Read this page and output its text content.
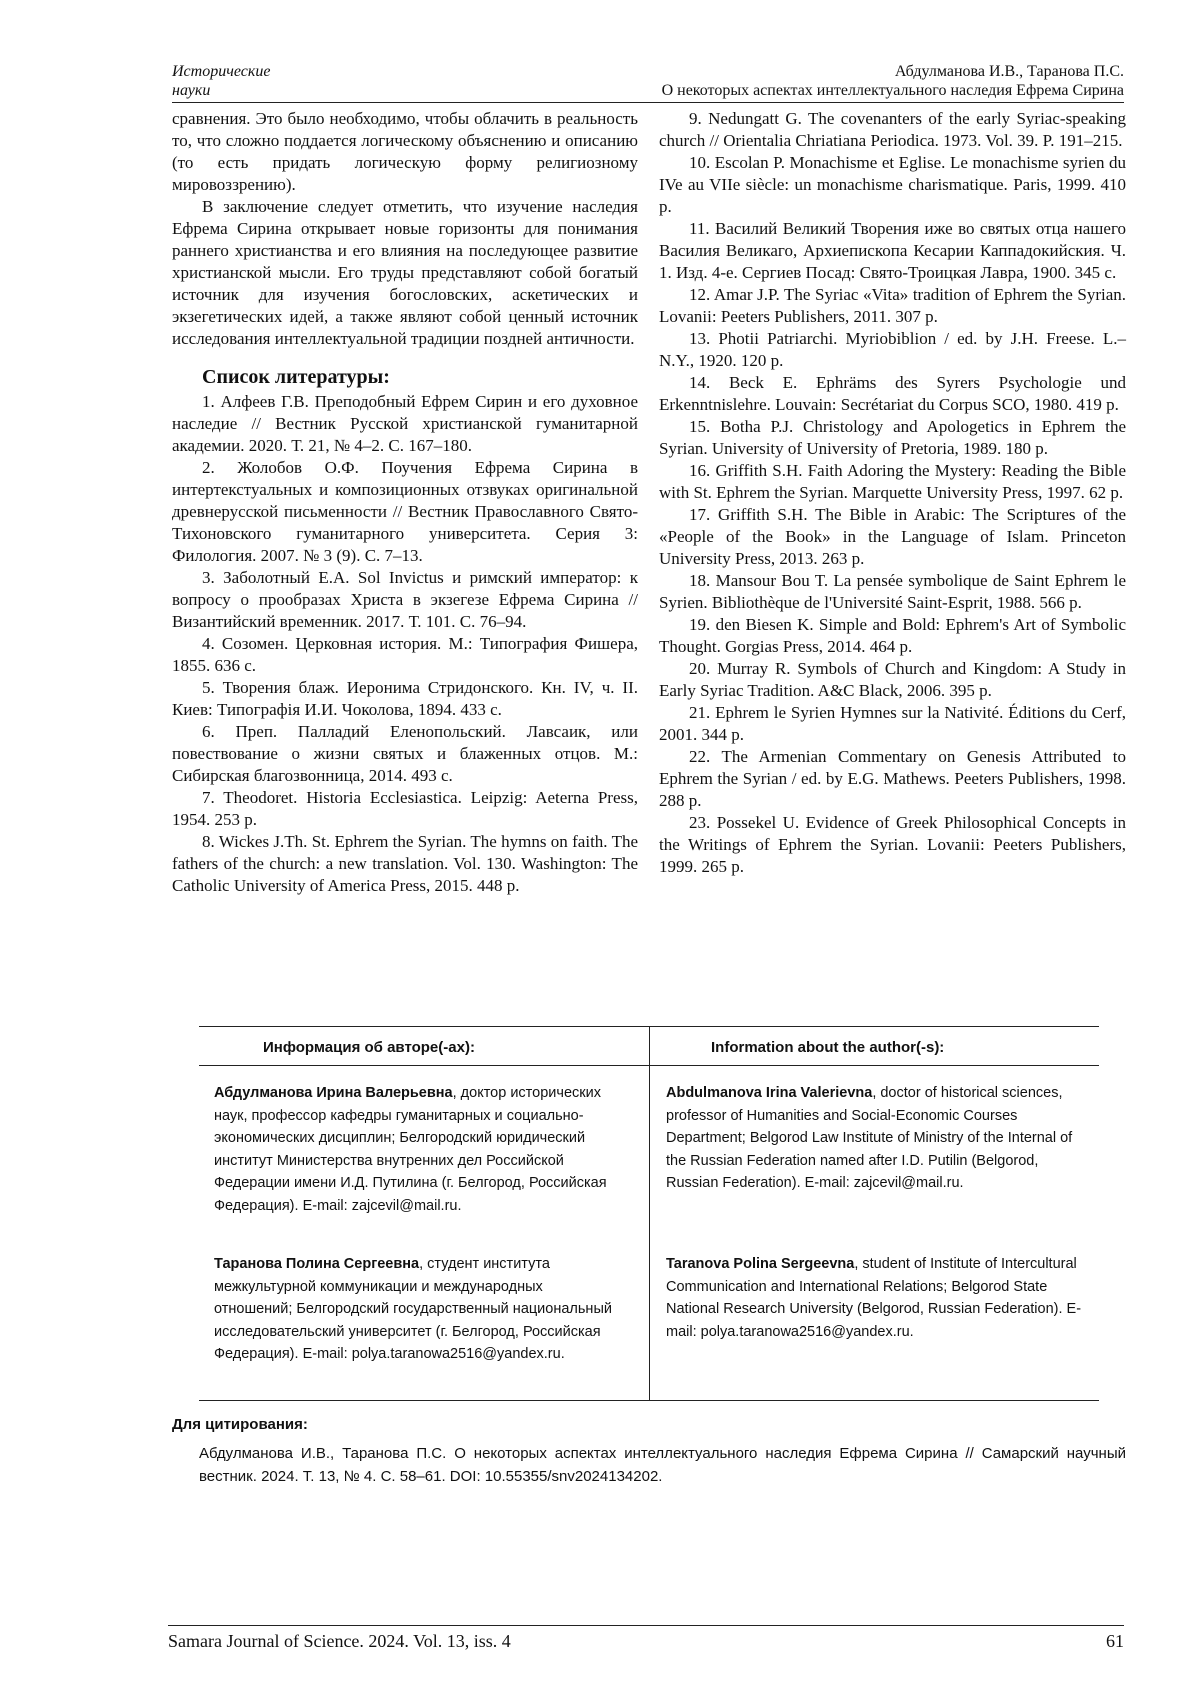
Исторические
науки
Абдулманова И.В., Таранова П.С.
О некоторых аспектах интеллектуального наследия Ефрема Сирина

сравнения. Это было необходимо, чтобы облачить в реальность то, что сложно поддается логическому объяснению и описанию (то есть придать логическую форму религиозному мировоззрению).

В заключение следует отметить, что изучение наследия Ефрема Сирина открывает новые горизонты для понимания раннего христианства и его влияния на последующее развитие христианской мысли. Его труды представляют собой богатый источник для изучения богословских, аскетических и экзегетических идей, а также являют собой ценный источник исследования интеллектуальной традиции поздней античности.

Список литературы:

1. Алфеев Г.В. Преподобный Ефрем Сирин и его духовное наследие // Вестник Русской христианской гуманитарной академии. 2020. Т. 21, № 4–2. С. 167–180.

2. Жолобов О.Ф. Поучения Ефрема Сирина в интертекстуальных и композиционных отзвуках оригинальной древнерусской письменности // Вестник Православного Свято-Тихоновского гуманитарного университета. Серия 3: Филология. 2007. № 3 (9). С. 7–13.

3. Заболотный Е.А. Sol Invictus и римский император: к вопросу о прообразах Христа в экзегезе Ефрема Сирина // Византийский временник. 2017. Т. 101. С. 76–94.

4. Созомен. Церковная история. М.: Типография Фишера, 1855. 636 с.

5. Творения блаж. Иеронима Стридонского. Кн. IV, ч. II. Киев: Типографія И.И. Чоколова, 1894. 433 с.

6. Преп. Палладий Еленопольский. Лавсаик, или повествование о жизни святых и блаженных отцов. М.: Сибирская благозвонница, 2014. 493 с.

7. Theodoret. Historia Ecclesiastica. Leipzig: Aeterna Press, 1954. 253 p.

8. Wickes J.Th. St. Ephrem the Syrian. The hymns on faith. The fathers of the church: a new translation. Vol. 130. Washington: The Catholic University of America Press, 2015. 448 p.

9. Nedungatt G. The covenanters of the early Syriac-speaking church // Orientalia Chriatiana Periodica. 1973. Vol. 39. P. 191–215.

10. Escolan P. Monachisme et Eglise. Le monachisme syrien du IVe au VIIe siècle: un monachisme charismatique. Paris, 1999. 410 p.

11. Василий Великий Творения иже во святых отца нашего Василия Великаго, Архиепископа Кесарии Каппадокийския. Ч. 1. Изд. 4-е. Сергиев Посад: Свято-Троицкая Лавра, 1900. 345 с.

12. Amar J.P. The Syriac «Vita» tradition of Ephrem the Syrian. Lovanii: Peeters Publishers, 2011. 307 p.

13. Photii Patriarchi. Myriobiblion / ed. by J.H. Freese. L.–N.Y., 1920. 120 p.

14. Beck E. Ephräms des Syrers Psychologie und Erkenntnislehre. Louvain: Secrétariat du Corpus SCO, 1980. 419 p.

15. Botha P.J. Christology and Apologetics in Ephrem the Syrian. University of University of Pretoria, 1989. 180 p.

16. Griffith S.H. Faith Adoring the Mystery: Reading the Bible with St. Ephrem the Syrian. Marquette University Press, 1997. 62 p.

17. Griffith S.H. The Bible in Arabic: The Scriptures of the «People of the Book» in the Language of Islam. Princeton University Press, 2013. 263 p.

18. Mansour Bou T. La pensée symbolique de Saint Ephrem le Syrien. Bibliothèque de l'Université Saint-Esprit, 1988. 566 p.

19. den Biesen K. Simple and Bold: Ephrem's Art of Symbolic Thought. Gorgias Press, 2014. 464 p.

20. Murray R. Symbols of Church and Kingdom: A Study in Early Syriac Tradition. A&C Black, 2006. 395 p.

21. Ephrem le Syrien Hymnes sur la Nativité. Éditions du Cerf, 2001. 344 p.

22. The Armenian Commentary on Genesis Attributed to Ephrem the Syrian / ed. by E.G. Mathews. Peeters Publishers, 1998. 288 p.

23. Possekel U. Evidence of Greek Philosophical Concepts in the Writings of Ephrem the Syrian. Lovanii: Peeters Publishers, 1999. 265 p.

Информация об авторе(-ах):	Information about the author(-s):
Абдулманова Ирина Валерьевна, доктор исторических наук, профессор кафедры гуманитарных и социально-экономических дисциплин; Белгородский юридический институт Министерства внутренних дел Российской Федерации имени И.Д. Путилина (г. Белгород, Российская Федерация). E-mail: zajcevil@mail.ru.
Таранова Полина Сергеевна, студент института межкультурной коммуникации и международных отношений; Белгородский государственный национальный исследовательский университет (г. Белгород, Российская Федерация). E-mail: polya.taranowa2516@yandex.ru.
Abdulmanova Irina Valerievna, doctor of historical sciences, professor of Humanities and Social-Economic Courses Department; Belgorod Law Institute of Ministry of the Internal of the Russian Federation named after I.D. Putilin (Belgorod, Russian Federation). E-mail: zajcevil@mail.ru.
Taranova Polina Sergeevna, student of Institute of Intercultural Communication and International Relations; Belgorod State National Research University (Belgorod, Russian Federation). E-mail: polya.taranowa2516@yandex.ru.
Для цитирования:
Абдулманова И.В., Таранова П.С. О некоторых аспектах интеллектуального наследия Ефрема Сирина // Самарский научный вестник. 2024. Т. 13, № 4. С. 58–61. DOI: 10.55355/snv2024134202.
Samara Journal of Science. 2024. Vol. 13, iss. 4	61
